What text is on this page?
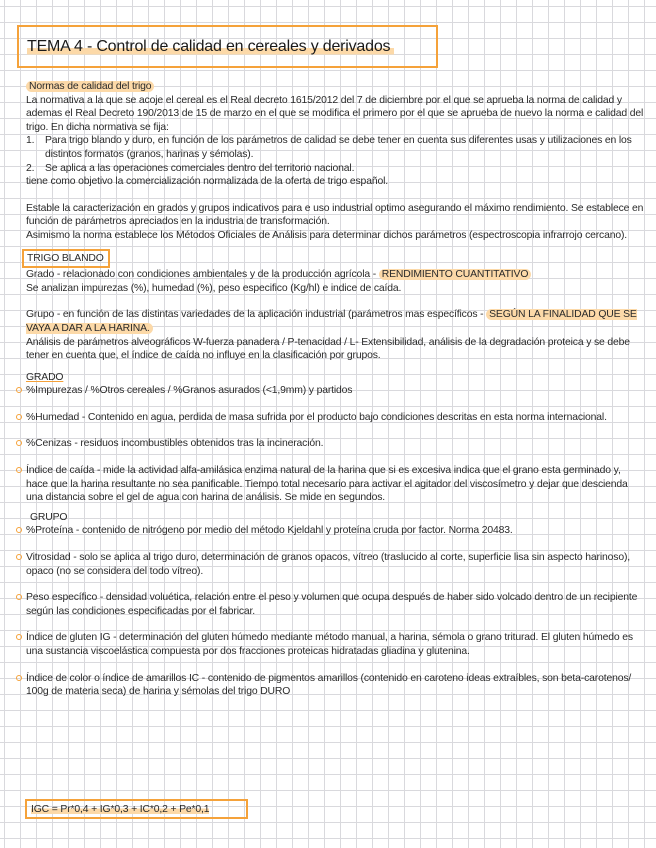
TEMA 4 - Control de calidad en cereales y derivados

Normas de calidad del trigo

La normativa a la que se acoje el cereal es el Real decreto 1615/2012 del 7 de diciembre por el que se aprueba la norma de calidad y ademas el Real Decreto 190/2013 de 15 de marzo en el que se modifica el primero por el que se aprueba de nuevo la norma e calidad del trigo. En dicha normativa se fija:

1.	Para trigo blando y duro, en función de los parámetros de calidad se debe tener en cuenta sus diferentes usas y utilizaciones en los distintos formatos (granos, harinas y sémolas).
2.	Se aplica a las operaciones comerciales dentro del territorio nacional.

tiene como objetivo la comercialización normalizada de la oferta de trigo español.

Estable la caracterización en grados y grupos indicativos para e uso industrial optimo asegurando el máximo rendimiento. Se establece en función de parámetros apreciados en la industria de transformación.

Asimismo la norma establece los Métodos Oficiales de Análisis para determinar dichos parámetros (espectroscopia infrarrojo cercano).

TRIGO BLANDO

Grado - relacionado con condiciones ambientales y de la producción agrícola - RENDIMIENTO CUANTITATIVO

Se analizan impurezas (%), humedad (%), peso especifico (Kg/hl) e indice de caída.

Grupo - en función de las distintas variedades de la aplicación industrial (parámetros mas específicos - SEGÚN LA FINALIDAD QUE SE VAYA A DAR A LA HARINA.

Análisis de parámetros alveográficos W-fuerza panadera / P-tenacidad / L- Extensibilidad, análisis de la degradación proteica y se debe tener en cuenta que, el índice de caída no influye en la clasificación por grupos.

GRADO

%Impurezas / %Otros cereales / %Granos asurados (<1,9mm) y partidos

%Humedad - Contenido en agua, perdida de masa sufrida por el producto bajo condiciones descritas en esta norma internacional.

%Cenizas - residuos incombustibles obtenidos tras la incineración.

Índice de caída - mide la actividad alfa-amilásica enzima natural de la harina que si es excesiva indica que el grano esta germinado y, hace que la harina resultante no sea panificable. Tiempo total necesario para activar el agitador del viscosímetro y dejar que descienda una distancia sobre el gel de agua con harina de análisis. Se mide en segundos.

GRUPO

%Proteína - contenido de nitrógeno por medio del método Kjeldahl y proteína cruda por factor. Norma 20483.

Vitrosidad - solo se aplica al trigo duro, determinación de granos opacos, vítreo (traslucido al corte, superficie lisa sin aspecto harinoso), opaco (no se considera del todo vítreo).

Peso específico - densidad voluética, relación entre el peso y volumen que ocupa después de haber sido volcado dentro de un recipiente según las condiciones especificadas por el fabricar.

Índice de gluten IG - determinación del gluten húmedo mediante método manual, a harina, sémola o grano triturad. El gluten húmedo es una sustancia viscoelástica compuesta por dos fracciones proteicas hidratadas gliadina y glutenina.

Índice de color o índice de amarillos IC - contenido de pigmentos amarillos (contenido en caroteno ideas extraíbles, son beta-carotenos/ 100g de materia seca) de harina y sémolas del trigo DURO

IGC = Pr*0,4 + IG*0,3 + IC*0,2 + Pe*0,1
